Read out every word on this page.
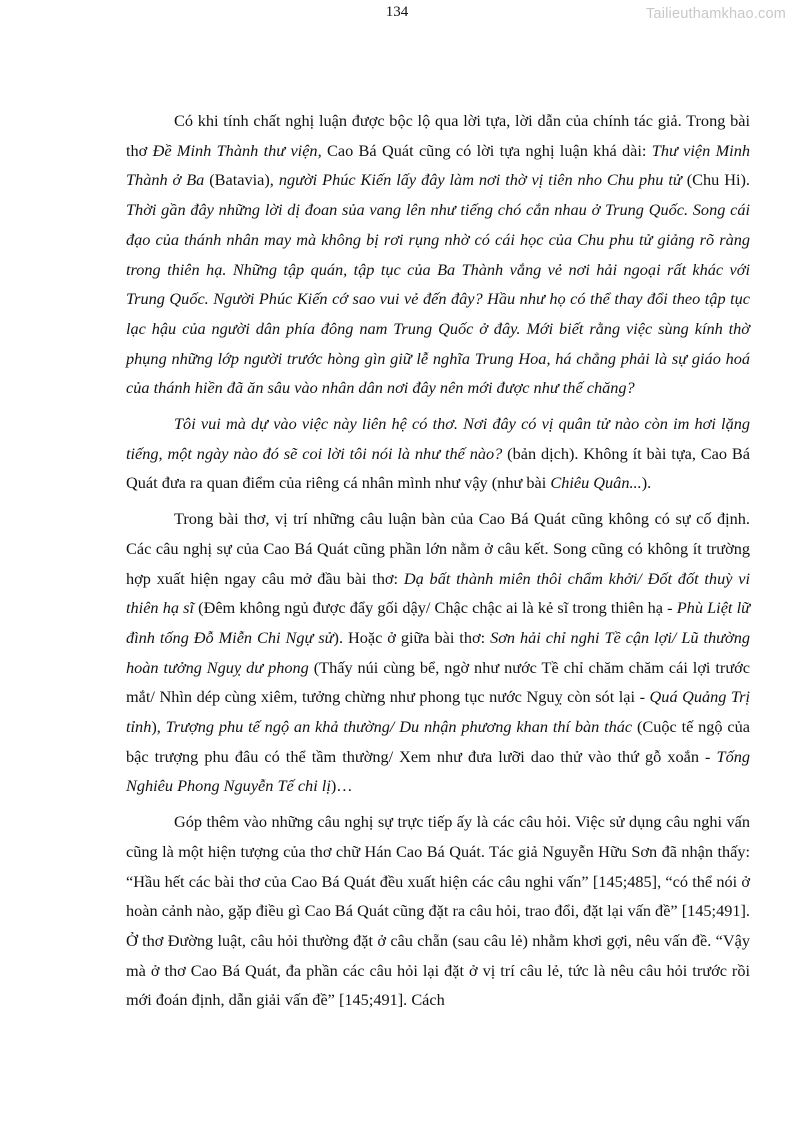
134	Tailieuthamkhao.com

Có khi tính chất nghị luận được bộc lộ qua lời tựa, lời dẫn của chính tác giả. Trong bài thơ Đề Minh Thành thư viện, Cao Bá Quát cũng có lời tựa nghị luận khá dài: Thư viện Minh Thành ở Ba (Batavia), người Phúc Kiến lấy đây làm nơi thờ vị tiên nho Chu phu tử (Chu Hi). Thời gần đây những lời dị đoan sủa vang lên như tiếng chó cắn nhau ở Trung Quốc. Song cái đạo của thánh nhân may mà không bị rơi rụng nhờ có cái học của Chu phu tử giảng rõ ràng trong thiên hạ. Những tập quán, tập tục của Ba Thành vắng vẻ nơi hải ngoại rất khác với Trung Quốc. Người Phúc Kiến cớ sao vui vẻ đến đây? Hầu như họ có thể thay đổi theo tập tục lạc hậu của người dân phía đông nam Trung Quốc ở đây. Mới biết rằng việc sùng kính thờ phụng những lớp người trước hòng gìn giữ lễ nghĩa Trung Hoa, há chẳng phải là sự giáo hoá của thánh hiền đã ăn sâu vào nhân dân nơi đây nên mới được như thế chăng?

Tôi vui mà dự vào việc này liên hệ có thơ. Nơi đây có vị quân tử nào còn im hơi lặng tiếng, một ngày nào đó sẽ coi lời tôi nói là như thế nào? (bản dịch). Không ít bài tựa, Cao Bá Quát đưa ra quan điểm của riêng cá nhân mình như vậy (như bài Chiêu Quân...).

Trong bài thơ, vị trí những câu luận bàn của Cao Bá Quát cũng không có sự cố định. Các câu nghị sự của Cao Bá Quát cũng phần lớn nằm ở câu kết. Song cũng có không ít trường hợp xuất hiện ngay câu mở đầu bài thơ: Dạ bất thành miên thôi chẩm khởi/ Đốt đốt thuỳ vi thiên hạ sĩ (Đêm không ngủ được đẩy gối dậy/ Chậc chậc ai là kẻ sĩ trong thiên hạ - Phù Liệt lữ đình tống Đỗ Miễn Chi Ngự sử). Hoặc ở giữa bài thơ: Sơn hải chỉ nghi Tề cận lợi/ Lũ thường hoàn tưởng Nguỵ dư phong (Thấy núi cùng bể, ngờ như nước Tề chỉ chăm chăm cái lợi trước mắt/ Nhìn dép cùng xiêm, tưởng chừng như phong tục nước Nguỵ còn sót lại - Quá Quảng Trị tỉnh), Trượng phu tế ngộ an khả thường/ Du nhận phương khan thí bàn thác (Cuộc tế ngộ của bậc trượng phu đâu có thể tầm thường/ Xem như đưa lưỡi dao thử vào thứ gỗ xoắn - Tống Nghiêu Phong Nguyễn Tế chi lị)…

Góp thêm vào những câu nghị sự trực tiếp ấy là các câu hỏi. Việc sử dụng câu nghi vấn cũng là một hiện tượng của thơ chữ Hán Cao Bá Quát. Tác giả Nguyễn Hữu Sơn đã nhận thấy: “Hầu hết các bài thơ của Cao Bá Quát đều xuất hiện các câu nghi vấn” [145;485], “có thể nói ở hoàn cảnh nào, gặp điều gì Cao Bá Quát cũng đặt ra câu hỏi, trao đổi, đặt lại vấn đề” [145;491]. Ở thơ Đường luật, câu hỏi thường đặt ở câu chẵn (sau câu lẻ) nhằm khơi gợi, nêu vấn đề. “Vậy mà ở thơ Cao Bá Quát, đa phần các câu hỏi lại đặt ở vị trí câu lẻ, tức là nêu câu hỏi trước rồi mới đoán định, dẫn giải vấn đề” [145;491]. Cách
